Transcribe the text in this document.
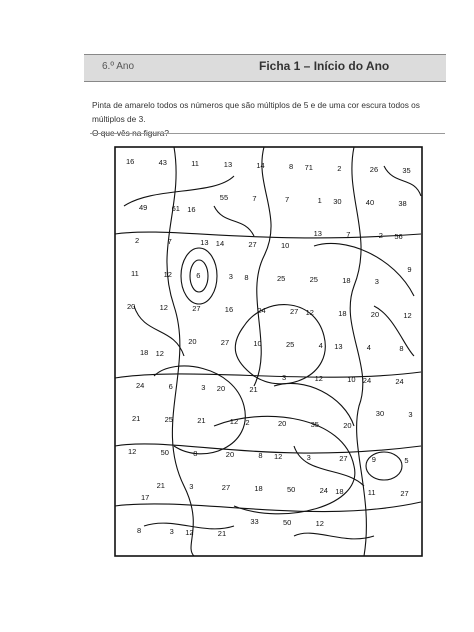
6.º Ano	Ficha 1 – Início do Ano
Pinta de amarelo todos os números que são múltiplos de 5 e de uma cor escura todos os múltiplos de 3.
O que vês na figura?
16	43	11	13	14	8 71	2	26	35
49	61 16
55	7	7	1 30	40	38
2	7	13 14	27	10
13	7	2 56
11	12	6	3 8	25	25	18	3
9
20	12	27	16	24	27 12	18	20	12
18 12
20	27	10	25	4 13	4	8
24	6	3 20	21
3	12	10 24	24
21	25	21	12 2	20	35	20
30	3
12	50	8	20	8 12	3	27	9	5
17
21	3	27	18	50	24 18	11	27
8	3 12	21
33	50	12
